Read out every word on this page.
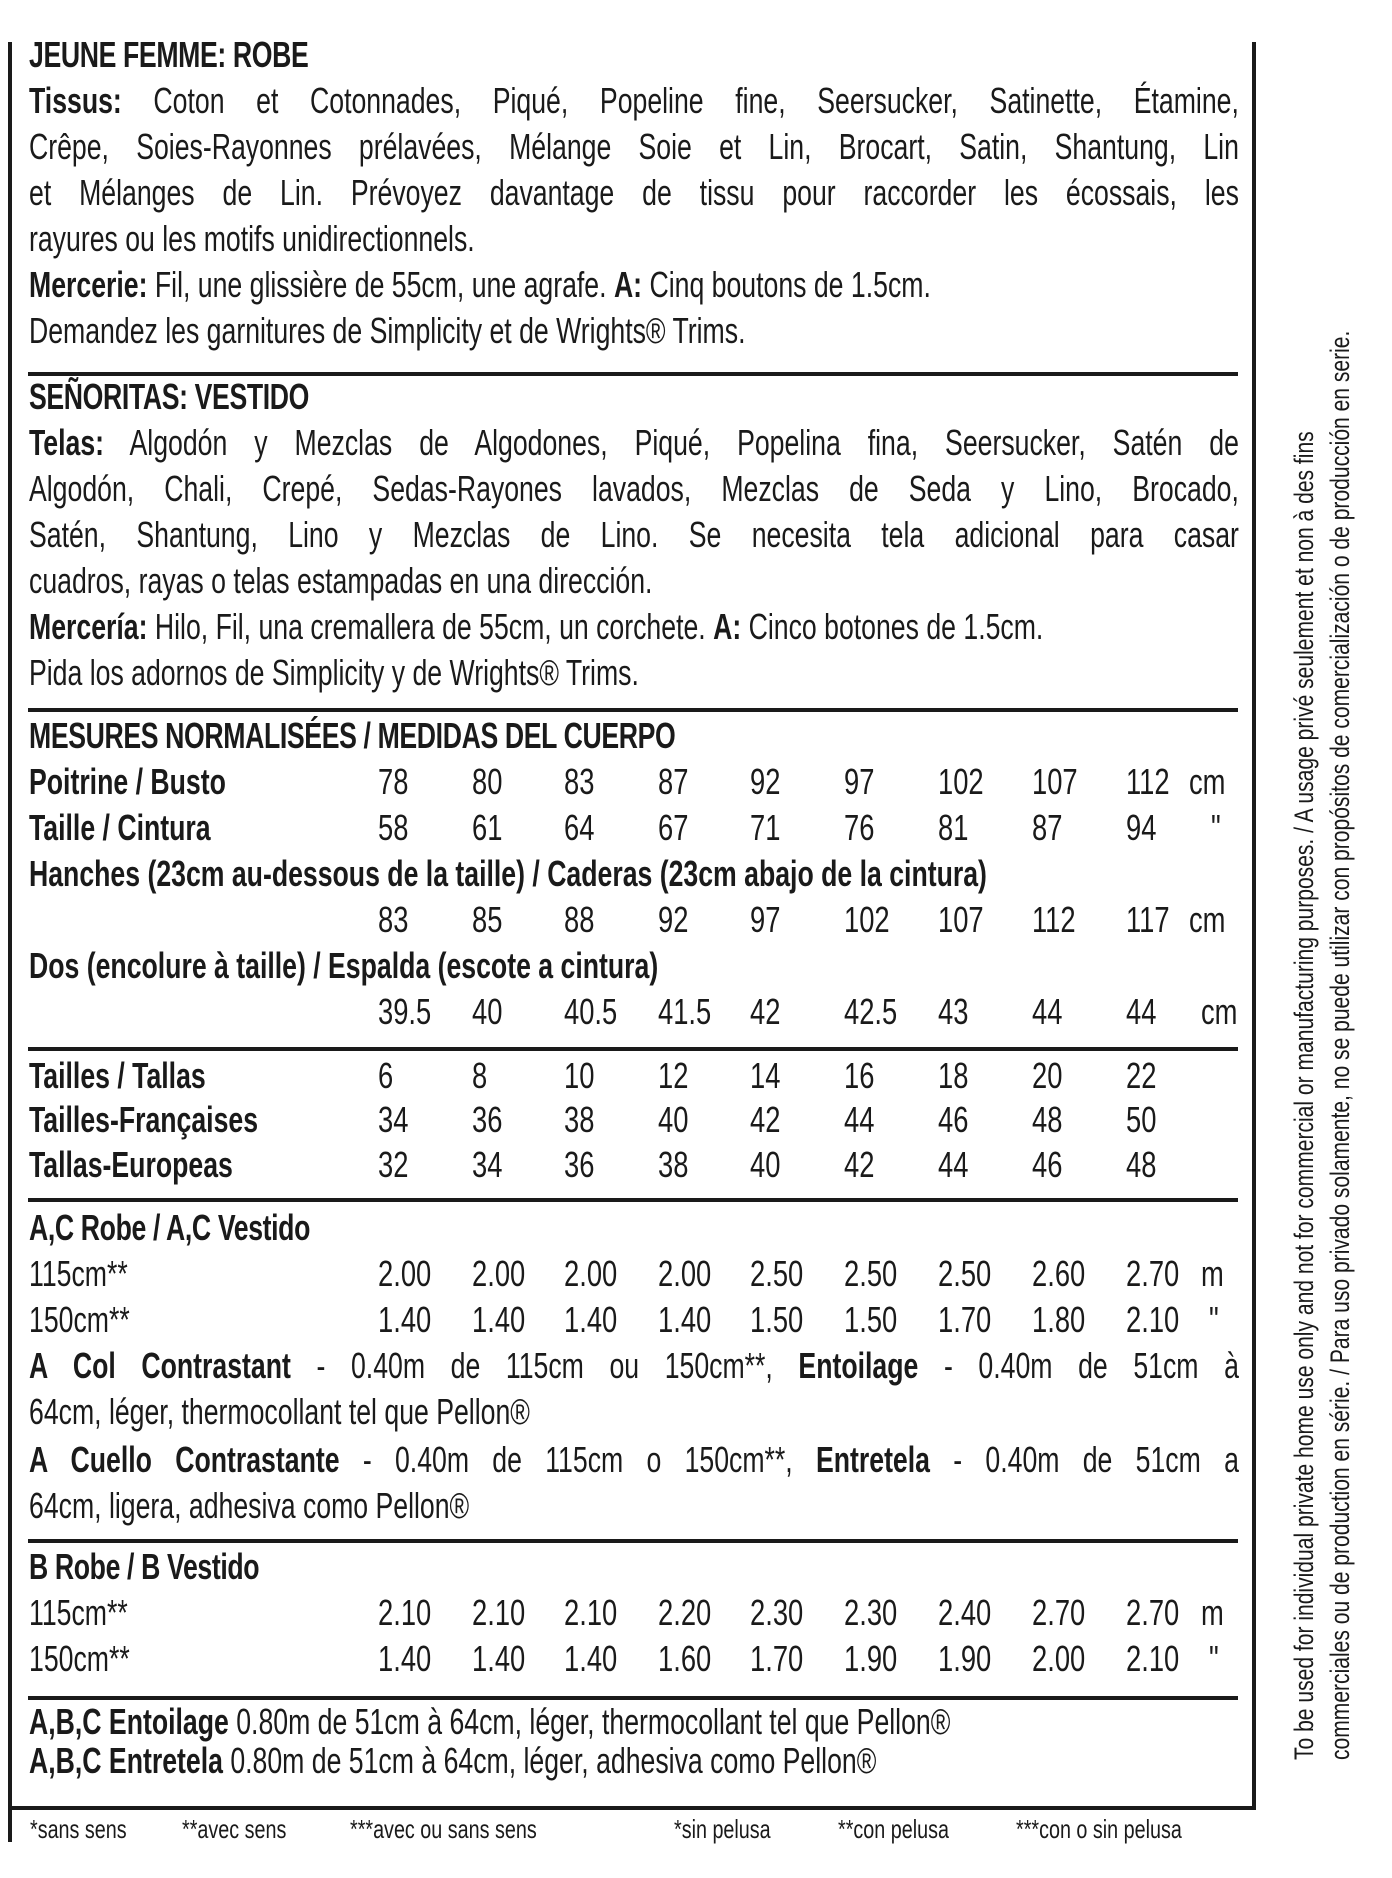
JEUNE FEMME: ROBE
Tissus: Coton et Cotonnades, Piqué, Popeline fine, Seersucker, Satinette, Étamine,
Crêpe, Soies-Rayonnes prélavées, Mélange Soie et Lin, Brocart, Satin, Shantung, Lin
et Mélanges de Lin. Prévoyez davantage de tissu pour raccorder les écossais, les
rayures ou les motifs unidirectionnels.
Mercerie: Fil, une glissière de 55cm, une agrafe. A: Cinq boutons de 1.5cm.
Demandez les garnitures de Simplicity et de Wrights® Trims.
SEÑORITAS: VESTIDO
Telas: Algodón y Mezclas de Algodones, Piqué, Popelina fina, Seersucker, Satén de
Algodón, Chali, Crepé, Sedas-Rayones lavados, Mezclas de Seda y Lino, Brocado,
Satén, Shantung, Lino y Mezclas de Lino. Se necesita tela adicional para casar
cuadros, rayas o telas estampadas en una dirección.
Mercería: Hilo, Fil, una cremallera de 55cm, un corchete. A: Cinco botones de 1.5cm.
Pida los adornos de Simplicity y de Wrights® Trims.
MESURES NORMALISÉES / MEDIDAS DEL CUERPO
Poitrine / Busto	78 80 83 87 92 97 102 107 112 cm
Taille / Cintura	58 61 64 67 71 76 81 87 94 "
Hanches (23cm au-dessous de la taille) / Caderas (23cm abajo de la cintura)
83 85 88 92 97 102 107 112 117 cm
Dos (encolure à taille) / Espalda (escote a cintura)
39.5 40 40.5 41.5 42 42.5 43 44 44 cm
Tailles / Tallas	6 8 10 12 14 16 18 20 22
Tailles-Françaises	34 36 38 40 42 44 46 48 50
Tallas-Europeas	32 34 36 38 40 42 44 46 48
A,C Robe / A,C Vestido
115cm**	2.00 2.00 2.00 2.00 2.50 2.50 2.50 2.60 2.70 m
150cm**	1.40 1.40 1.40 1.40 1.50 1.50 1.70 1.80 2.10 "
A Col Contrastant - 0.40m de 115cm ou 150cm**, Entoilage - 0.40m de 51cm à
64cm, léger, thermocollant tel que Pellon®
A Cuello Contrastante - 0.40m de 115cm o 150cm**, Entretela - 0.40m de 51cm a
64cm, ligera, adhesiva como Pellon®
B Robe / B Vestido
115cm**	2.10 2.10 2.10 2.20 2.30 2.30 2.40 2.70 2.70 m
150cm**	1.40 1.40 1.40 1.60 1.70 1.90 1.90 2.00 2.10 "
A,B,C Entoilage 0.80m de 51cm à 64cm, léger, thermocollant tel que Pellon®
A,B,C Entretela 0.80m de 51cm à 64cm, léger, adhesiva como Pellon®
*sans sens **avec sens ***avec ou sans sens	*sin pelusa	**con pelusa	***con o sin pelusa
To be used for individual private home use only and not for commercial or manufacturing purposes. / A usage privé seulement et non à des fins commerciales ou de production en série. / Para uso privado solamente, no se puede utilizar con propósitos de comercialización o de producción en serie.
